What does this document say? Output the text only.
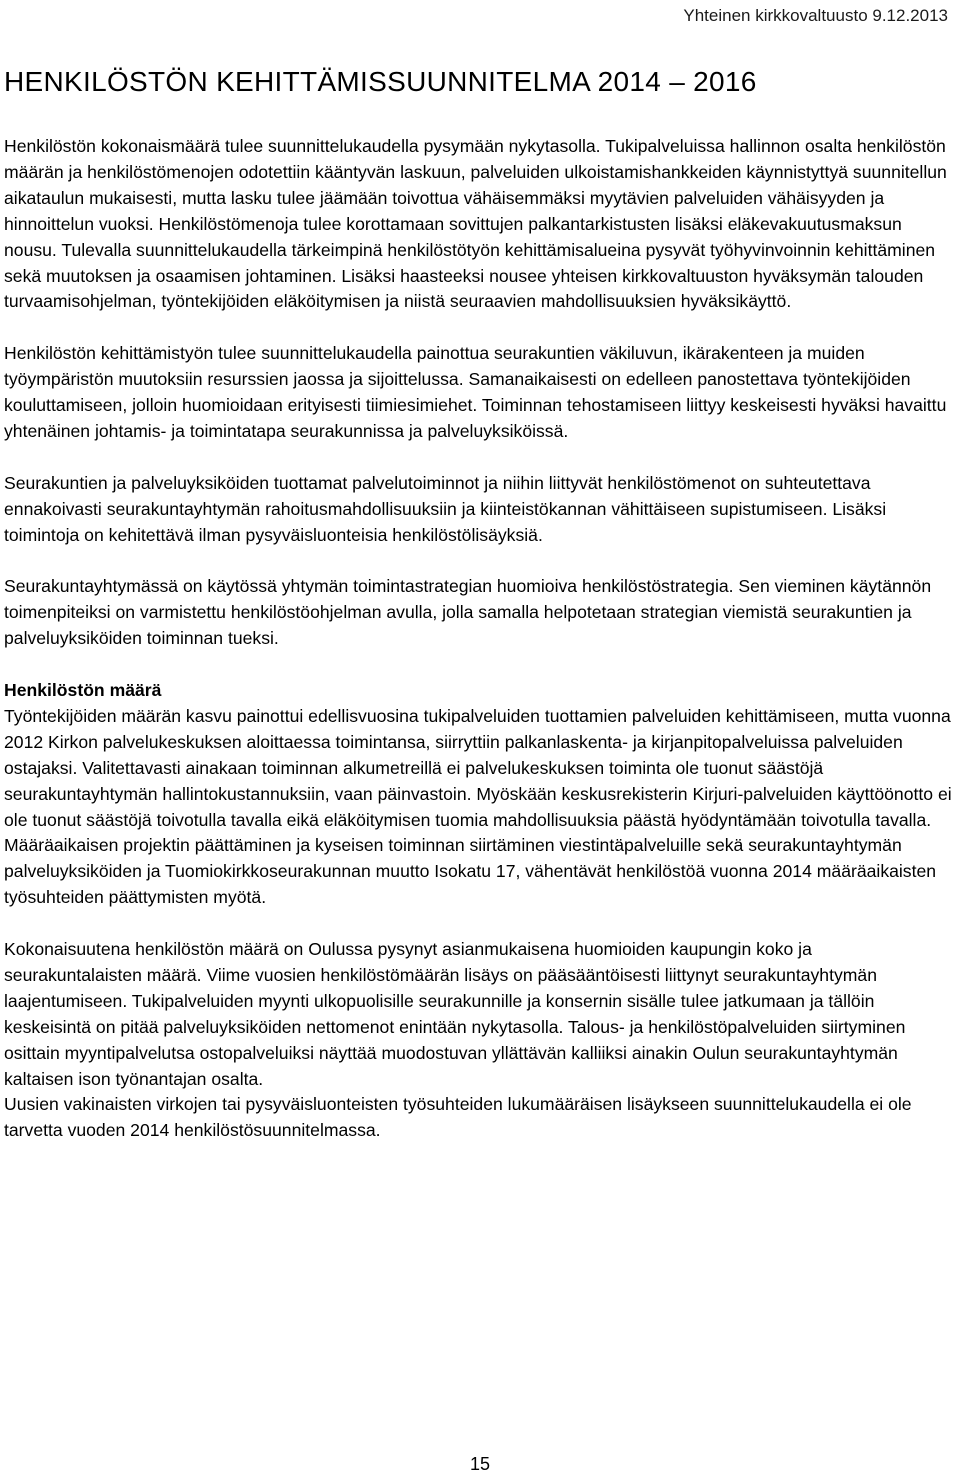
Yhteinen kirkkovaltuusto 9.12.2013
HENKILÖSTÖN KEHITTÄMISSUUNNITELMA 2014 – 2016

Henkilöstön kokonaismäärä tulee suunnittelukaudella pysymään nykytasolla. Tukipalveluissa hallinnon osalta henkilöstön määrän ja henkilöstömenojen odotettiin kääntyvän laskuun, palveluiden ulkoistamishankkeiden käynnistyttyä suunnitellun aikataulun mukaisesti, mutta lasku tulee jäämään toivottua vähäisemmäksi myytävien palveluiden vähäisyyden ja hinnoittelun vuoksi. Henkilöstömenoja tulee korottamaan sovittujen palkantarkistusten lisäksi eläkevakuutusmaksun nousu. Tulevalla suunnittelukaudella tärkeimpinä henkilöstötyön kehittämisalueina pysyvät työhyvinvoinnin kehittäminen sekä muutoksen ja osaamisen johtaminen. Lisäksi haasteeksi nousee yhteisen kirkkovaltuuston hyväksymän talouden turvaamisohjelman, työntekijöiden eläköitymisen ja niistä seuraavien mahdollisuuksien hyväksikäyttö.

Henkilöstön kehittämistyön tulee suunnittelukaudella painottua seurakuntien väkiluvun, ikärakenteen ja muiden työympäristön muutoksiin resurssien jaossa ja sijoittelussa. Samanaikaisesti on edelleen panostettava työntekijöiden kouluttamiseen, jolloin huomioidaan erityisesti tiimiesimiehet. Toiminnan tehostamiseen liittyy keskeisesti hyväksi havaittu yhtenäinen johtamis- ja toimintatapa seurakunnissa ja palveluyksiköissä.

Seurakuntien ja palveluyksiköiden tuottamat palvelutoiminnot ja niihin liittyvät henkilöstömenot on suhteutettava ennakoivasti seurakuntayhtymän rahoitusmahdollisuuksiin ja kiinteistökannan vähittäiseen supistumiseen. Lisäksi toimintoja on kehitettävä ilman pysyväisluonteisia henkilöstölisäyksiä.

Seurakuntayhtymässä on käytössä yhtymän toimintastrategian huomioiva henkilöstöstrategia. Sen vieminen käytännön toimenpiteiksi on varmistettu henkilöstöohjelman avulla, jolla samalla helpotetaan strategian viemistä seurakuntien ja palveluyksiköiden toiminnan tueksi.

Henkilöstön määrä

Työntekijöiden määrän kasvu painottui edellisvuosina tukipalveluiden tuottamien palveluiden kehittämiseen, mutta vuonna 2012 Kirkon palvelukeskuksen aloittaessa toimintansa, siirryttiin palkanlaskenta- ja kirjanpitopalveluissa palveluiden ostajaksi. Valitettavasti ainakaan toiminnan alkumetreillä ei palvelukeskuksen toiminta ole tuonut säästöjä seurakuntayhtymän hallintokustannuksiin, vaan päinvastoin. Myöskään keskusrekisterin Kirjuri-palveluiden käyttöönotto ei ole tuonut säästöjä toivotulla tavalla eikä eläköitymisen tuomia mahdollisuuksia päästä hyödyntämään toivotulla tavalla. Määräaikaisen projektin päättäminen ja kyseisen toiminnan siirtäminen viestintäpalveluille sekä seurakuntayhtymän palveluyksiköiden ja Tuomiokirkkoseurakunnan muutto Isokatu 17, vähentävät henkilöstöä vuonna 2014 määräaikaisten työsuhteiden päättymisten myötä.

Kokonaisuutena henkilöstön määrä on Oulussa pysynyt asianmukaisena huomioiden kaupungin koko ja seurakuntalaisten määrä. Viime vuosien henkilöstömäärän lisäys on pääsääntöisesti liittynyt seurakuntayhtymän laajentumiseen. Tukipalveluiden myynti ulkopuolisille seurakunnille ja konsernin sisälle tulee jatkumaan ja tällöin keskeisintä on pitää palveluyksiköiden nettomenot enintään nykytasolla. Talous- ja henkilöstöpalveluiden siirtyminen osittain myyntipalvelutsa ostopalveluiksi näyttää muodostuvan yllättävän kalliiksi ainakin Oulun seurakuntayhtymän kaltaisen ison työnantajan osalta.

Uusien vakinaisten virkojen tai pysyväisluonteisten työsuhteiden lukumääräisen lisäykseen suunnittelukaudella ei ole tarvetta vuoden 2014 henkilöstösuunnitelmassa.

15
